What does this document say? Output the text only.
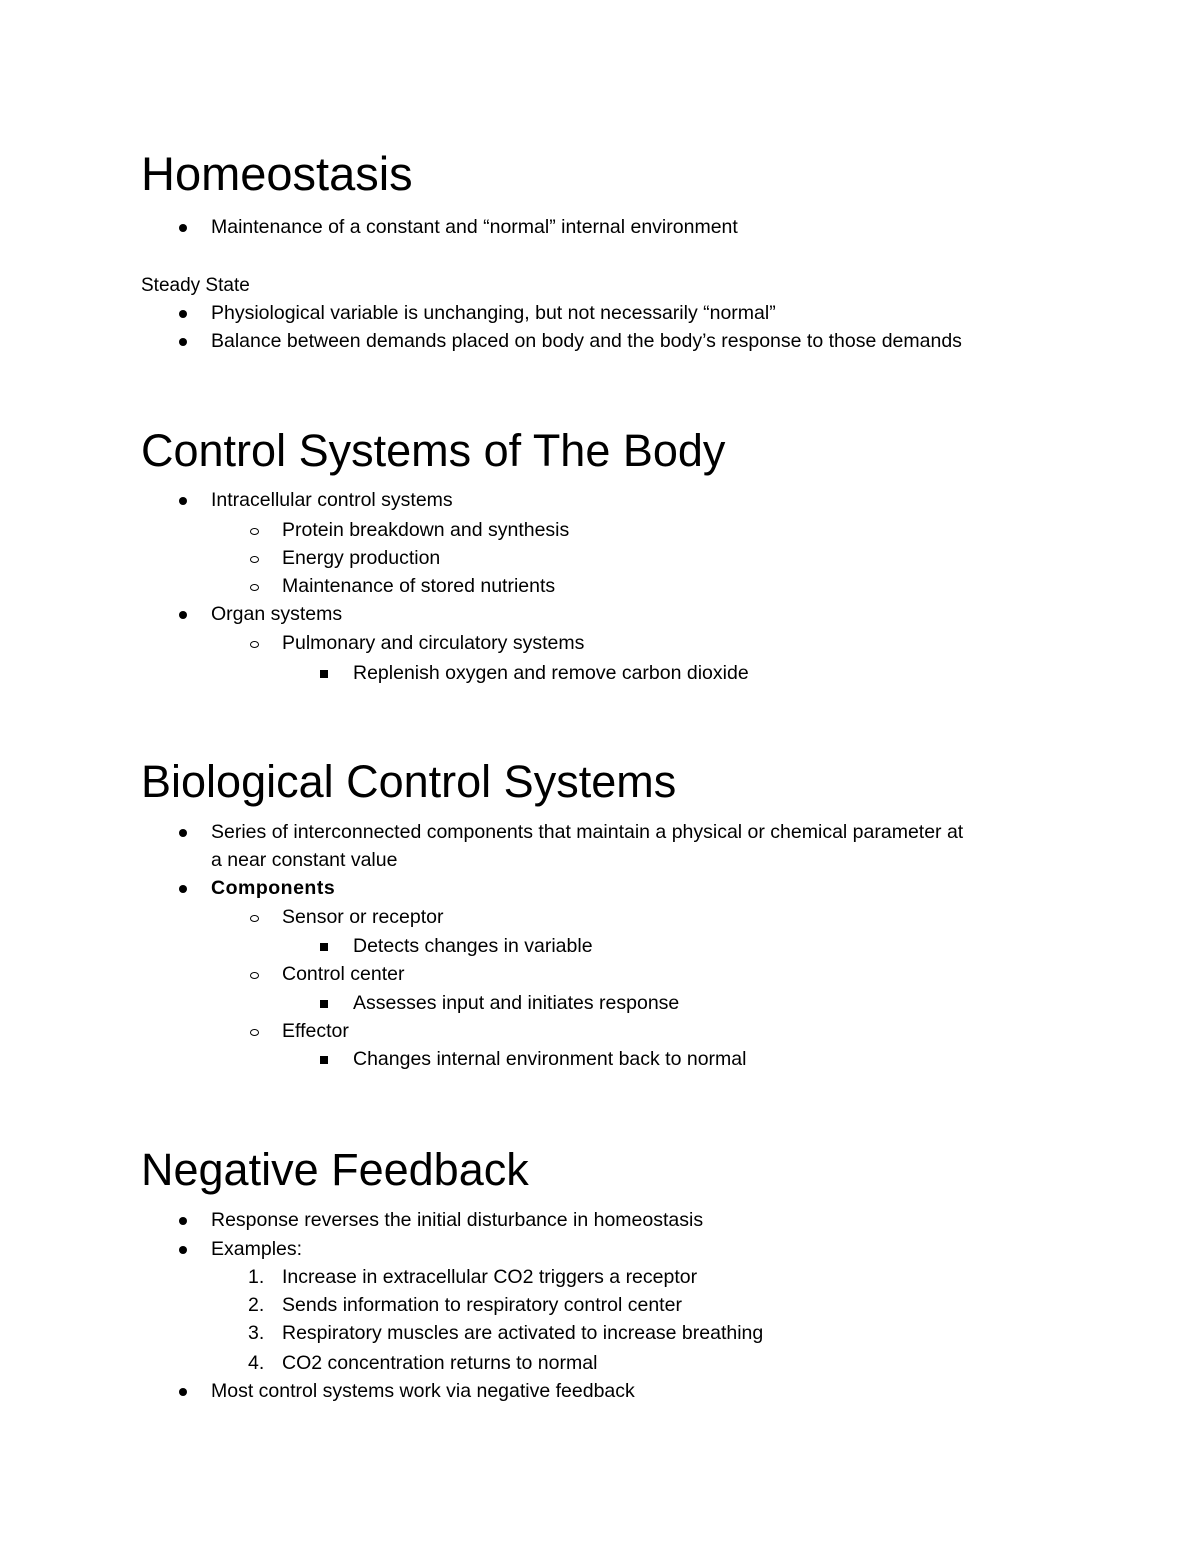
Homeostasis
Maintenance of a constant and “normal” internal environment
Steady State
Physiological variable is unchanging, but not necessarily “normal”
Balance between demands placed on body and the body’s response to those demands
Control Systems of The Body
Intracellular control systems
Protein breakdown and synthesis
Energy production
Maintenance of stored nutrients
Organ systems
Pulmonary and circulatory systems
Replenish oxygen and remove carbon dioxide
Biological Control Systems
Series of interconnected components that maintain a physical or chemical parameter at
a near constant value
Components
Sensor or receptor
Detects changes in variable
Control center
Assesses input and initiates response
Effector
Changes internal environment back to normal
Negative Feedback
Response reverses the initial disturbance in homeostasis
Examples:
1. Increase in extracellular CO2 triggers a receptor
2. Sends information to respiratory control center
3. Respiratory muscles are activated to increase breathing
4. CO2 concentration returns to normal
Most control systems work via negative feedback
